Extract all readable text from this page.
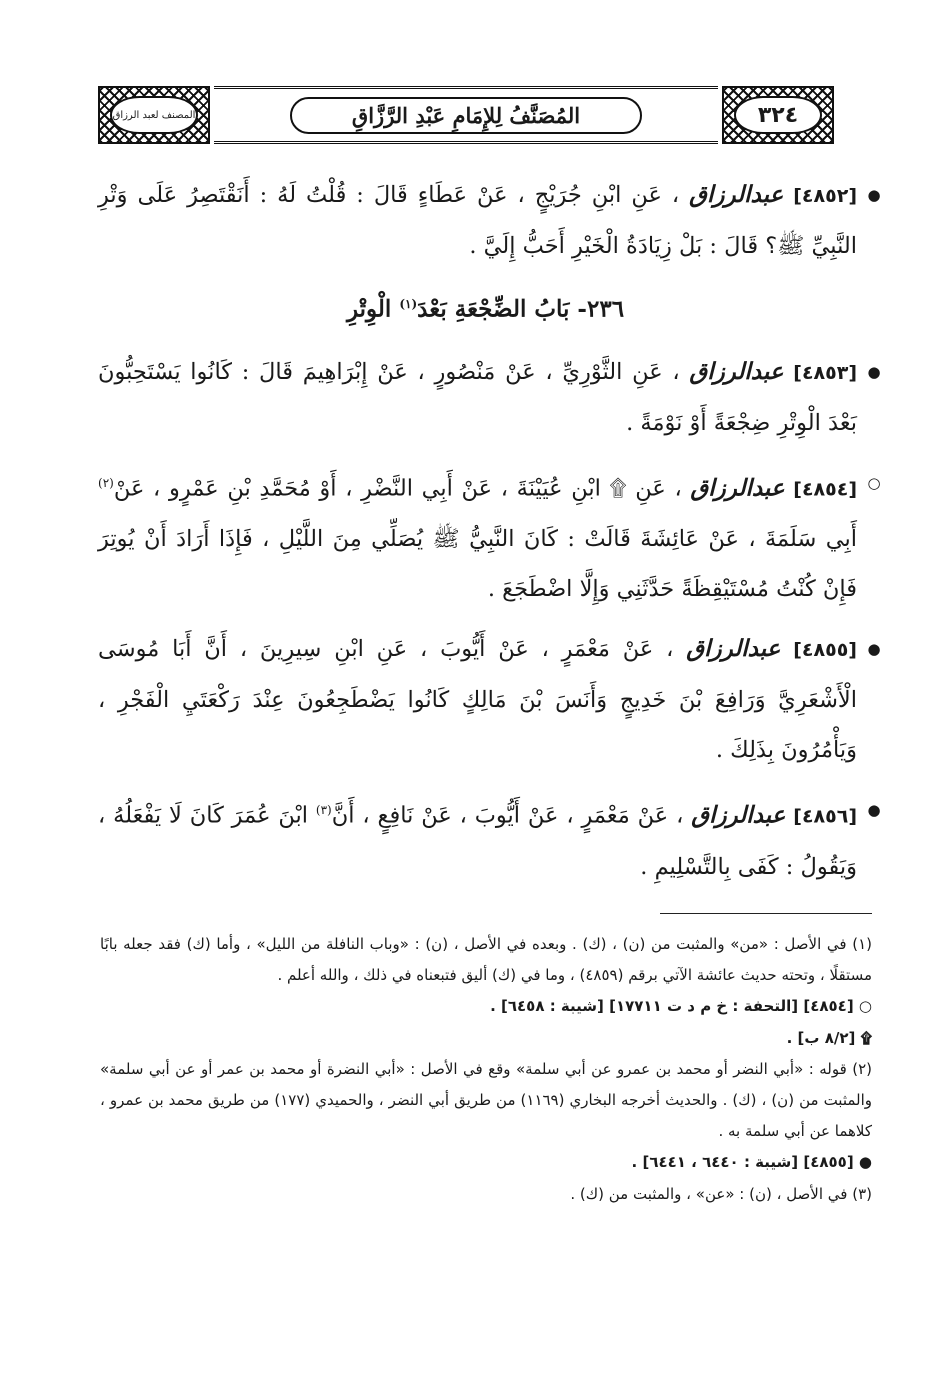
٣٢٤
المُصَنَّفُ لِلإِمَامِ عَبْدِ الرَّزَّاقِ
المصنف لعبد الرزاق

●
[٤٨٥٢] عبدالرزاق ، عَنِ ابْنِ جُرَيْجٍ ، عَنْ عَطَاءٍ قَالَ : قُلْتُ لَهُ : أَنَقْتَصِرُ عَلَى وَتْرِ النَّبِيِّ ﷺ؟ قَالَ : بَلْ زِيَادَةُ الْخَيْرِ أَحَبُّ إِلَيَّ .

٢٣٦- بَابُ الضِّجْعَةِ بَعْدَ$^{(١)}$ الْوِتْرِ

●
[٤٨٥٣] عبدالرزاق ، عَنِ الثَّوْرِيِّ ، عَنْ مَنْصُورٍ ، عَنْ إِبْرَاهِيمَ قَالَ : كَانُوا يَسْتَحِبُّونَ بَعْدَ الْوِتْرِ ضِجْعَةً أَوْ نَوْمَةً .

○
[٤٨٥٤] عبدالرزاق ، عَنِ ۩ ابْنِ عُيَيْنَةَ ، عَنْ أَبِي النَّضْرِ ، أَوْ مُحَمَّدِ بْنِ عَمْرٍو ، عَنْ$^{(٢)}$ أَبِي سَلَمَةَ ، عَنْ عَائِشَةَ قَالَتْ : كَانَ النَّبِيُّ ﷺ يُصَلِّي مِنَ اللَّيْلِ ، فَإِذَا أَرَادَ أَنْ يُوتِرَ فَإِنْ كُنْتُ مُسْتَيْقِظَةً حَدَّثَنِي وَإِلَّا اضْطَجَعَ .

●
[٤٨٥٥] عبدالرزاق ، عَنْ مَعْمَرٍ ، عَنْ أَيُّوبَ ، عَنِ ابْنِ سِيرِينَ ، أَنَّ أَبَا مُوسَى الْأَشْعَرِيَّ وَرَافِعَ بْنَ خَدِيجٍ وَأَنَسَ بْنَ مَالِكٍ كَانُوا يَضْطَجِعُونَ عِنْدَ رَكْعَتَيِ الْفَجْرِ ، وَيَأْمُرُونَ بِذَلِكَ .

●
[٤٨٥٦] عبدالرزاق ، عَنْ مَعْمَرٍ ، عَنْ أَيُّوبَ ، عَنْ نَافِعٍ ، أَنَّ$^{(٣)}$ ابْنَ عُمَرَ كَانَ لَا يَفْعَلُهُ ، وَيَقُولُ : كَفَى بِالتَّسْلِيمِ .

(١) في الأصل : «من» والمثبت من (ن) ، (ك) . وبعده في الأصل ، (ن) : «وباب النافلة من الليل» ، وأما (ك) فقد جعله بابًا مستقلًا ، وتحته حديث عائشة الآتي برقم (٤٨٥٩) ، وما في (ك) أليق فتبعناه في ذلك ، والله أعلم .

○ [٤٨٥٤] [التحفة : خ م د ت ١٧٧١١] [شيبة : ٦٤٥٨] .

۩ [٨/٢ ب] .

(٢) قوله : «أبي النضر أو محمد بن عمرو عن أبي سلمة» وقع في الأصل : «أبي النضرة أو محمد بن عمر أو عن أبي سلمة» والمثبت من (ن) ، (ك) . والحديث أخرجه البخاري (١١٦٩) من طريق أبي النضر ، والحميدي (١٧٧) من طريق محمد بن عمرو ، كلاهما عن أبي سلمة به .

● [٤٨٥٥] [شيبة : ٦٤٤٠ ، ٦٤٤١] .

(٣) في الأصل ، (ن) : «عن» ، والمثبت من (ك) .
